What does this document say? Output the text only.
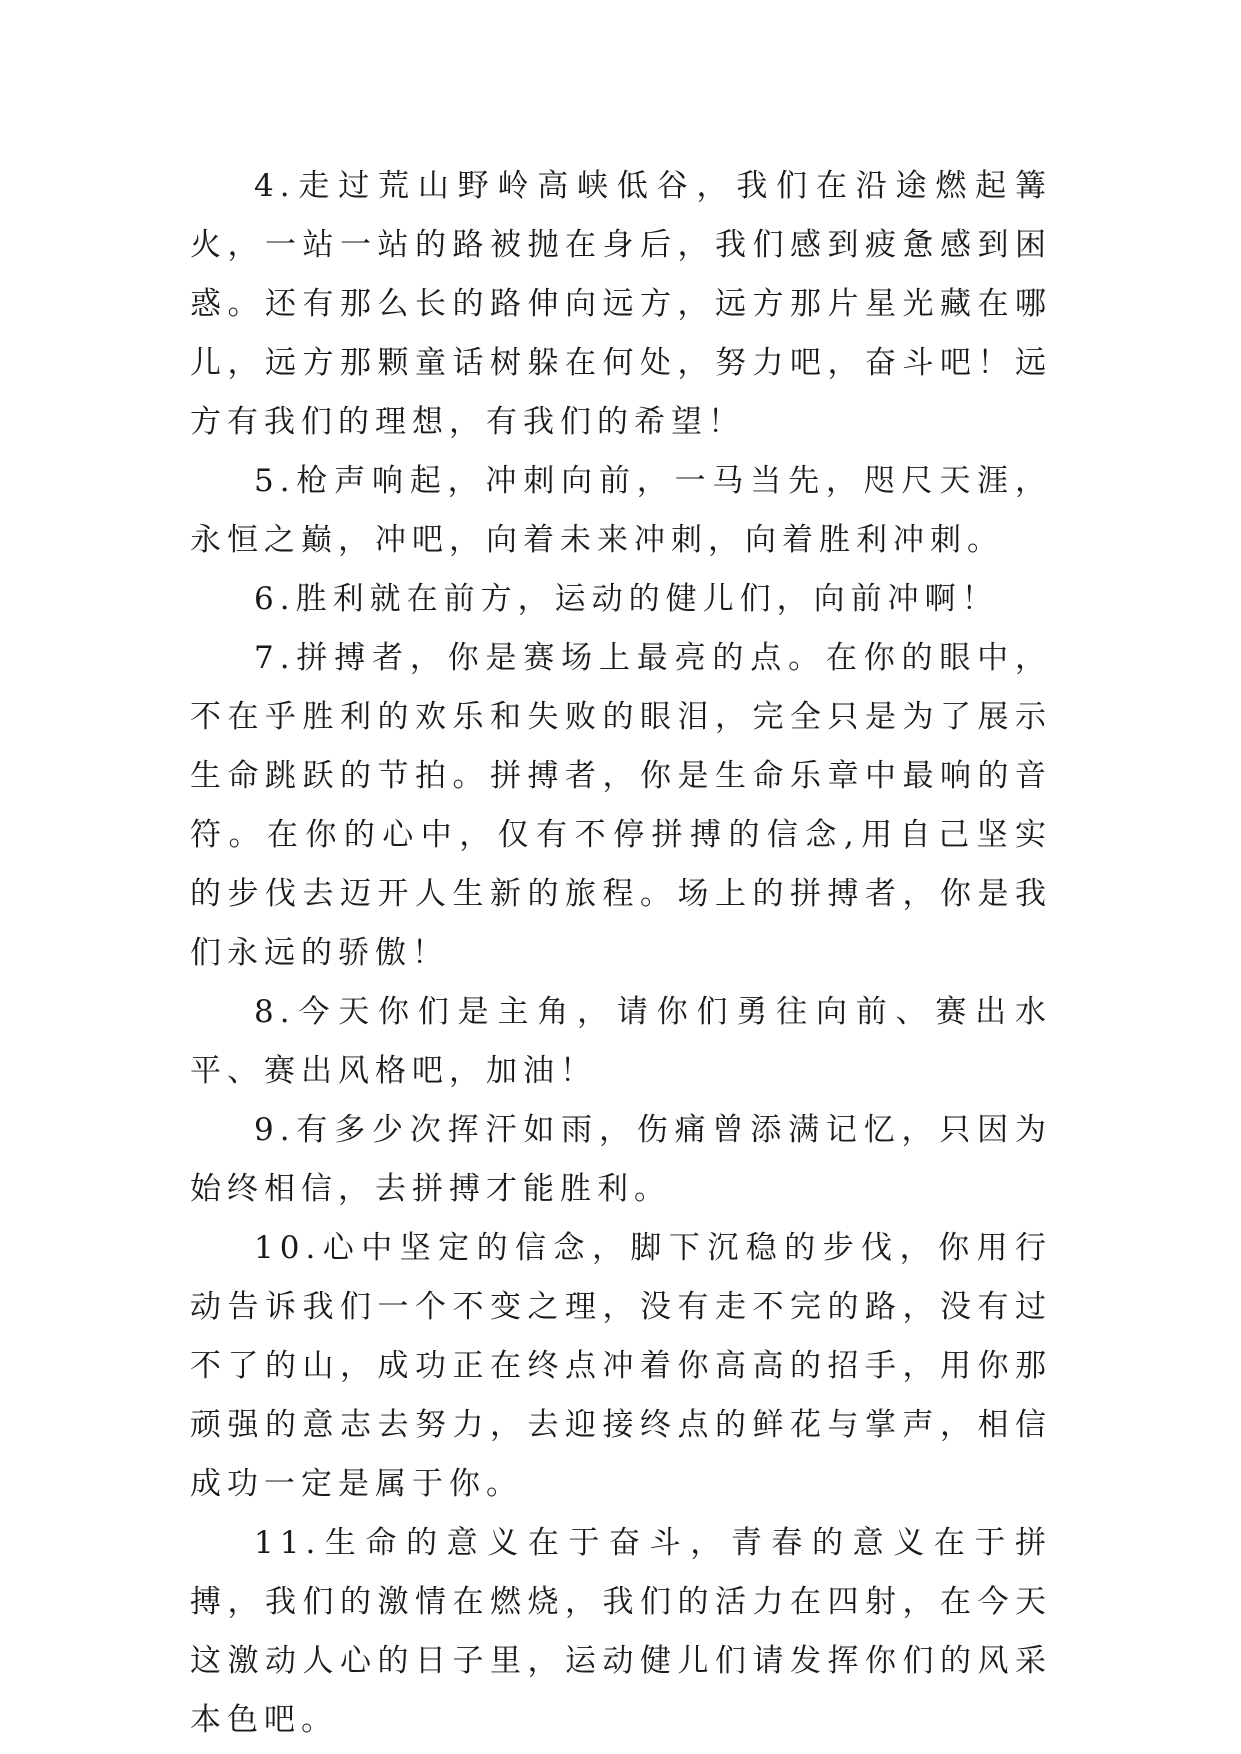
4.走过荒山野岭高峡低谷，我们在沿途燃起篝火，一站一站的路被抛在身后，我们感到疲惫感到困惑。还有那么长的路伸向远方，远方那片星光藏在哪儿，远方那颗童话树躲在何处，努力吧，奋斗吧！远方有我们的理想，有我们的希望！

5.枪声响起，冲刺向前，一马当先，咫尺天涯，永恒之巅，冲吧，向着未来冲刺，向着胜利冲刺。

6.胜利就在前方，运动的健儿们，向前冲啊！

7.拼搏者，你是赛场上最亮的点。在你的眼中，不在乎胜利的欢乐和失败的眼泪，完全只是为了展示生命跳跃的节拍。拼搏者，你是生命乐章中最响的音符。在你的心中，仅有不停拼搏的信念,用自己坚实的步伐去迈开人生新的旅程。场上的拼搏者，你是我们永远的骄傲！

8.今天你们是主角，请你们勇往向前、赛出水平、赛出风格吧，加油！

9.有多少次挥汗如雨，伤痛曾添满记忆，只因为始终相信，去拼搏才能胜利。

10.心中坚定的信念，脚下沉稳的步伐，你用行动告诉我们一个不变之理，没有走不完的路，没有过不了的山，成功正在终点冲着你高高的招手，用你那顽强的意志去努力，去迎接终点的鲜花与掌声，相信成功一定是属于你。

11.生命的意义在于奋斗，青春的意义在于拼搏，我们的激情在燃烧，我们的活力在四射，在今天这激动人心的日子里，运动健儿们请发挥你们的风采本色吧。
